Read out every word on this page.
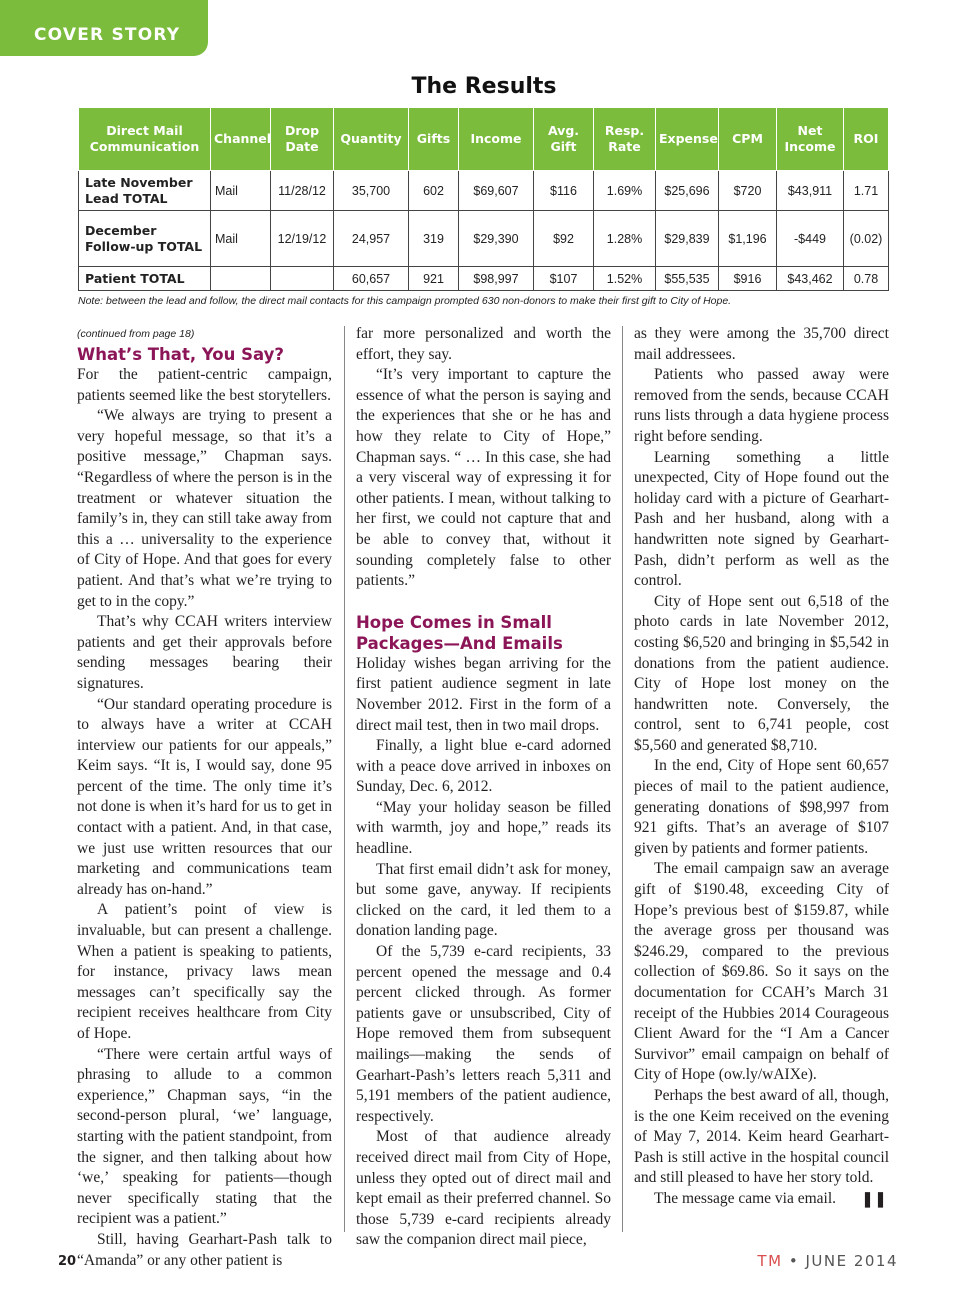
COVER STORY
The Results
Direct Mail Communication	Channel	Drop Date	Quantity	Gifts	Income	Avg. Gift	Resp. Rate	Expense	CPM	Net Income	ROI
Late November Lead TOTAL	Mail	11/28/12	35,700	602	$69,607	$116	1.69%	$25,696	$720	$43,911	1.71
December Follow-up TOTAL	Mail	12/19/12	24,957	319	$29,390	$92	1.28%	$29,839	$1,196	-$449	(0.02)
Patient TOTAL			60,657	921	$98,997	$107	1.52%	$55,535	$916	$43,462	0.78
Note: between the lead and follow, the direct mail contacts for this campaign prompted 630 non-donors to make their first gift to City of Hope.
(continued from page 18)
What’s That, You Say?

For the patient-centric campaign, patients seemed like the best storytellers.

“We always are trying to present a very hopeful message, so that it’s a positive message,” Chapman says. “Regardless of where the person is in the treatment or whatever situation the family’s in, they can still take away from this a … universality to the experience of City of Hope. And that goes for every patient. And that’s what we’re trying to get to in the copy.”

That’s why CCAH writers interview patients and get their approvals before sending messages bearing their signatures.

“Our standard operating procedure is to always have a writer at CCAH interview our patients for our appeals,” Keim says. “It is, I would say, done 95 percent of the time. The only time it’s not done is when it’s hard for us to get in contact with a patient. And, in that case, we just use written resources that our marketing and communications team already has on-hand.”

A patient’s point of view is invaluable, but can present a challenge. When a patient is speaking to patients, for instance, privacy laws mean messages can’t specifically say the recipient receives healthcare from City of Hope.

“There were certain artful ways of phrasing to allude to a common experience,” Chapman says, “in the second-person plural, ‘we’ language, starting with the patient standpoint, from the signer, and then talking about how ‘we,’ speaking for patients—though never specifically stating that the recipient was a patient.”

Still, having Gearhart-Pash talk to “Amanda” or any other patient is

far more personalized and worth the effort, they say.

“It’s very important to capture the essence of what the person is saying and the experiences that she or he has and how they relate to City of Hope,” Chapman says. “ … In this case, she had a very visceral way of expressing it for other patients. I mean, without talking to her first, we could not capture that and be able to convey that, without it sounding completely false to other patients.”

Hope Comes in Small Packages—And Emails

Holiday wishes began arriving for the first patient audience segment in late November 2012. First in the form of a direct mail test, then in two mail drops.

Finally, a light blue e-card adorned with a peace dove arrived in inboxes on Sunday, Dec. 6, 2012.

“May your holiday season be filled with warmth, joy and hope,” reads its headline.

That first email didn’t ask for money, but some gave, anyway. If recipients clicked on the card, it led them to a donation landing page.

Of the 5,739 e-card recipients, 33 percent opened the message and 0.4 percent clicked through. As former patients gave or unsubscribed, City of Hope removed them from subsequent mailings—making the sends of Gearhart-Pash’s letters reach 5,311 and 5,191 members of the patient audience, respectively.

Most of that audience already received direct mail from City of Hope, unless they opted out of direct mail and kept email as their preferred channel. So those 5,739 e-card recipients already saw the companion direct mail piece,

as they were among the 35,700 direct mail addressees.

Patients who passed away were removed from the sends, because CCAH runs lists through a data hygiene process right before sending.

Learning something a little unexpected, City of Hope found out the holiday card with a picture of Gearhart-Pash and her husband, along with a handwritten note signed by Gearhart-Pash, didn’t perform as well as the control.

City of Hope sent out 6,518 of the photo cards in late November 2012, costing $6,520 and bringing in $5,542 in donations from the patient audience. City of Hope lost money on the handwritten note. Conversely, the control, sent to 6,741 people, cost $5,560 and generated $8,710.

In the end, City of Hope sent 60,657 pieces of mail to the patient audience, generating donations of $98,997 from 921 gifts. That’s an average of $107 given by patients and former patients.

The email campaign saw an average gift of $190.48, exceeding City of Hope’s previous best of $159.87, while the average gross per thousand was $246.29, compared to the previous collection of $69.86. So it says on the documentation for CCAH’s March 31 receipt of the Hubbies 2014 Courageous Client Award for the “I Am a Cancer Survivor” email campaign on behalf of City of Hope (ow.ly/wAIXe).

Perhaps the best award of all, though, is the one Keim received on the evening of May 7, 2014. Keim heard Gearhart-Pash is still active in the hospital council and still pleased to have her story told.

The message came via email.	❚❚

20	TM • JUNE 2014
